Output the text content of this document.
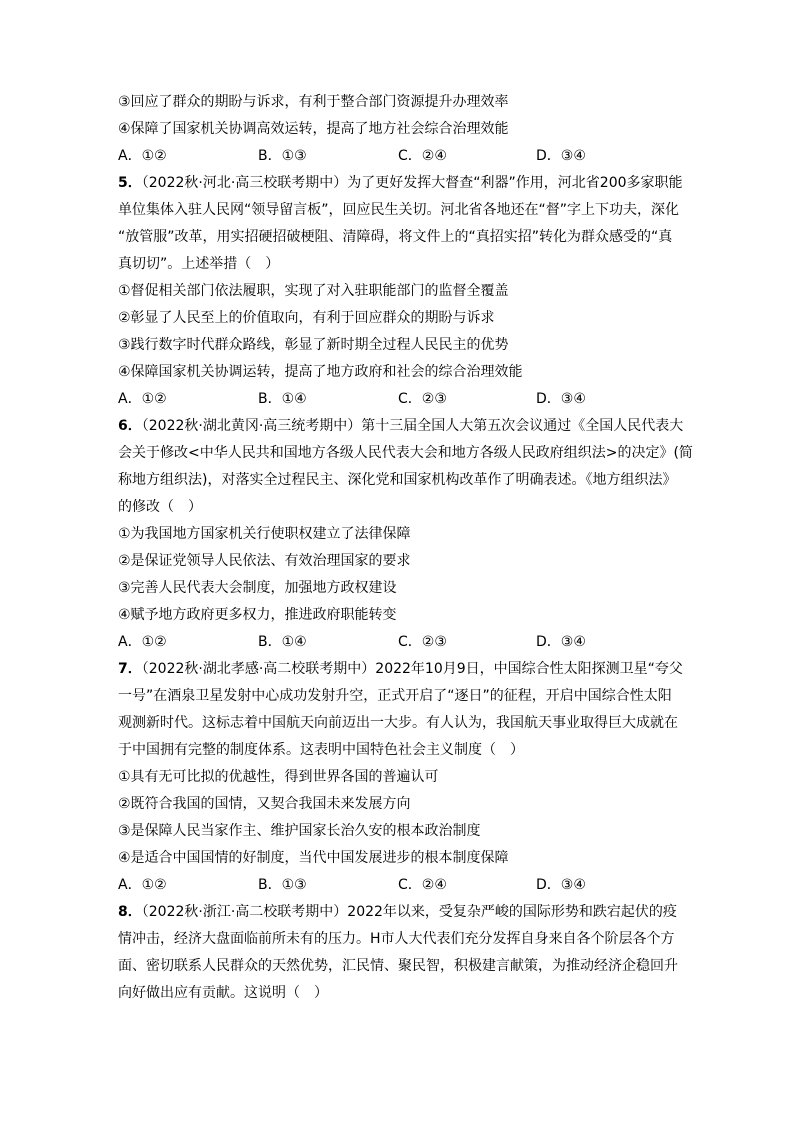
③回应了群众的期盼与诉求，有利于整合部门资源提升办理效率
④保障了国家机关协调高效运转，提高了地方社会综合治理效能
A．①②	B．①③	C．②④	D．③④
5．（2022秋·河北·高三校联考期中）为了更好发挥大督查“利器”作用，河北省200多家职能
单位集体入驻人民网“领导留言板”，回应民生关切。河北省各地还在“督”字上下功夫，深化
“放管服”改革，用实招硬招破梗阻、清障碍，将文件上的“真招实招”转化为群众感受的“真
真切切”。上述举措（　）
①督促相关部门依法履职，实现了对入驻职能部门的监督全覆盖
②彰显了人民至上的价值取向，有利于回应群众的期盼与诉求
③践行数字时代群众路线，彰显了新时期全过程人民民主的优势
④保障国家机关协调运转，提高了地方政府和社会的综合治理效能
A．①②	B．①④	C．②③	D．③④
6．（2022秋·湖北黄冈·高三统考期中）第十三届全国人大第五次会议通过《全国人民代表大
会关于修改<中华人民共和国地方各级人民代表大会和地方各级人民政府组织法>的决定》(简
称地方组织法)，对落实全过程民主、深化党和国家机构改革作了明确表述。《地方组织法》
的修改（　）
①为我国地方国家机关行使职权建立了法律保障
②是保证党领导人民依法、有效治理国家的要求
③完善人民代表大会制度，加强地方政权建设
④赋予地方政府更多权力，推进政府职能转变
A．①②	B．①④	C．②③	D．③④
7．（2022秋·湖北孝感·高二校联考期中）2022年10月9日，中国综合性太阳探测卫星“夸父
一号”在酒泉卫星发射中心成功发射升空，正式开启了“逐日”的征程，开启中国综合性太阳
观测新时代。这标志着中国航天向前迈出一大步。有人认为，我国航天事业取得巨大成就在
于中国拥有完整的制度体系。这表明中国特色社会主义制度（　）
①具有无可比拟的优越性，得到世界各国的普遍认可
②既符合我国的国情，又契合我国未来发展方向
③是保障人民当家作主、维护国家长治久安的根本政治制度
④是适合中国国情的好制度，当代中国发展进步的根本制度保障
A．①②	B．①③	C．②④	D．③④
8．（2022秋·浙江·高二校联考期中）2022年以来，受复杂严峻的国际形势和跌宕起伏的疫
情冲击，经济大盘面临前所未有的压力。H市人大代表们充分发挥自身来自各个阶层各个方
面、密切联系人民群众的天然优势，汇民情、聚民智，积极建言献策，为推动经济企稳回升
向好做出应有贡献。这说明（　）
